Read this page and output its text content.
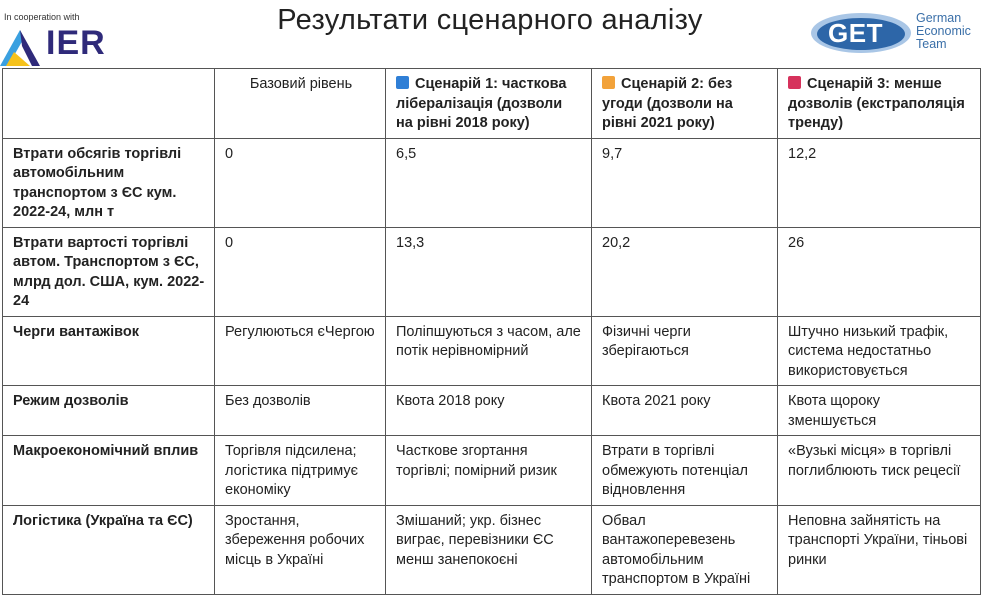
In cooperation with
IER
Результати сценарного аналізу	GET	German
Economic
Team
	Базовий рівень	Сценарій 1: часткова лібералізація (дозволи на рівні 2018 року)	Сценарій 2: без угоди (дозволи на рівні 2021 року)	Сценарій 3: менше дозволів (екстраполяція тренду)
Втрати обсягів торгівлі автомобільним транспортом з ЄС кум. 2022-24, млн т	0	6,5	9,7	12,2
Втрати вартості торгівлі автом. Транспортом з ЄС, млрд дол. США, кум. 2022-24	0	13,3	20,2	26
Черги вантажівок	Регулюються єЧергою	Поліпшуються з часом, але потік нерівномірний	Фізичні черги зберігаються	Штучно низький трафік, система недостатньо використовується
Режим дозволів	Без дозволів	Квота 2018 року	Квота 2021 року	Квота щороку зменшується
Макроекономічний вплив	Торгівля підсилена; логістика підтримує економіку	Часткове згортання торгівлі; помірний ризик	Втрати в торгівлі обмежують потенціал відновлення	«Вузькі місця» в торгівлі поглиблюють тиск рецесії
Логістика (Україна та ЄС)	Зростання, збереження робочих місць в Україні	Змішаний; укр. бізнес виграє, перевізники ЄС менш занепокоєні	Обвал вантажоперевезень автомобільним транспортом в Україні	Неповна зайнятість на транспорті України, тіньові ринки
